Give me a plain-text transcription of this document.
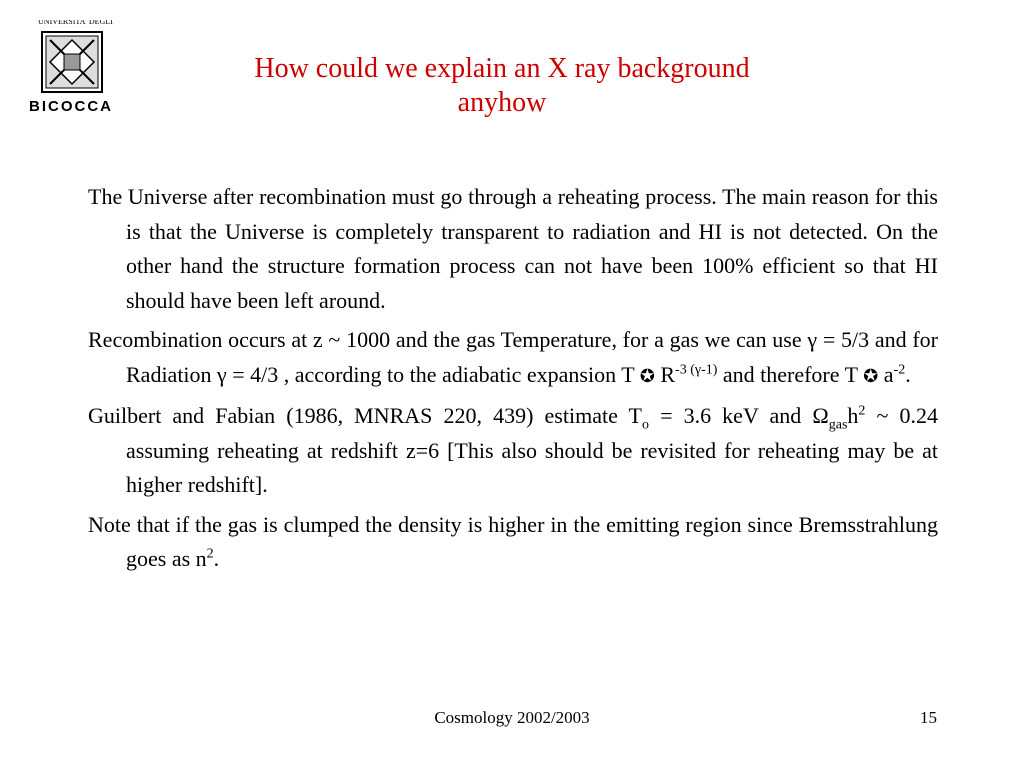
UNIVERSITA' DEGLI
BICOCCA
How could we explain an X ray background
anyhow

The Universe after recombination must go through a reheating process. The main reason for this is that the Universe is completely transparent to radiation and HI is not detected. On the other hand the structure formation process can not have been 100% efficient so that HI should have been left around.

Recombination occurs at z ~ 1000 and the gas Temperature, for a gas we can use γ = 5/3 and for Radiation γ = 4/3 , according to the adiabatic expansion T ✪ $R^{-3 (\gamma-1)}$ and therefore T ✪ $a^{-2}$.

Guilbert and Fabian (1986, MNRAS 220, 439) estimate $T_o = 3.6$ keV and $\Omega_{gas}h^2$ ~ 0.24 assuming reheating at redshift z=6 [This also should be revisited for reheating may be at higher redshift].

Note that if the gas is clumped the density is higher in the emitting region since Bremsstrahlung goes as $n^2$.

Cosmology 2002/2003	15
